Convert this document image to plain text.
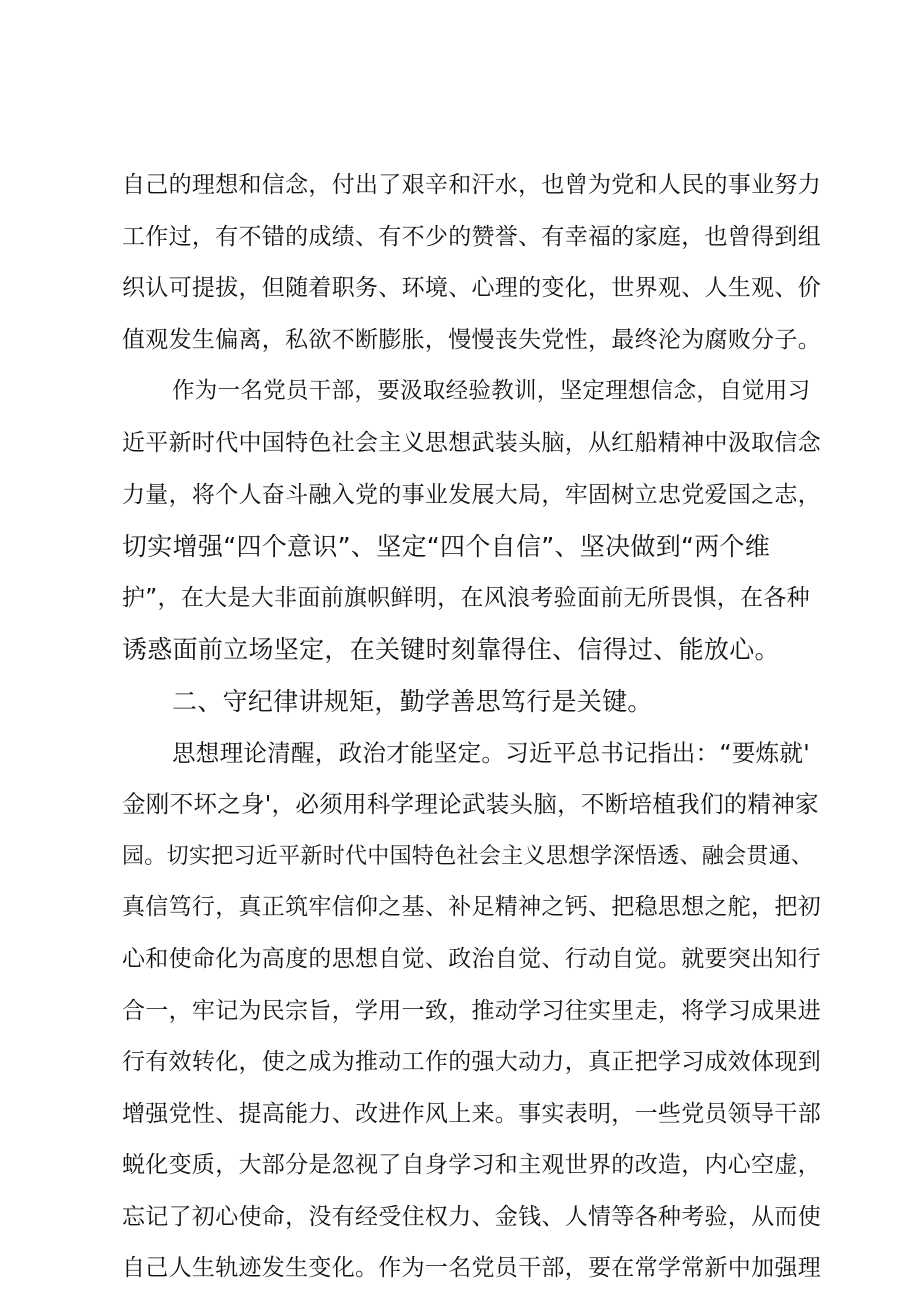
自己的理想和信念，付出了艰辛和汗水，也曾为党和人民的事业努力
工作过，有不错的成绩、有不少的赞誉、有幸福的家庭，也曾得到组
织认可提拔，但随着职务、环境、心理的变化，世界观、人生观、价
值观发生偏离，私欲不断膨胀，慢慢丧失党性，最终沦为腐败分子。
作为一名党员干部，要汲取经验教训，坚定理想信念，自觉用习
近平新时代中国特色社会主义思想武装头脑，从红船精神中汲取信念
力量，将个人奋斗融入党的事业发展大局，牢固树立忠党爱国之志，
切实增强“四个意识”、坚定“四个自信”、坚决做到“两个维
护”，在大是大非面前旗帜鲜明，在风浪考验面前无所畏惧，在各种
诱惑面前立场坚定，在关键时刻靠得住、信得过、能放心。
二、守纪律讲规矩，勤学善思笃行是关键。
思想理论清醒，政治才能坚定。习近平总书记指出：“要炼就'
金刚不坏之身'，必须用科学理论武装头脑，不断培植我们的精神家
园。切实把习近平新时代中国特色社会主义思想学深悟透、融会贯通、
真信笃行，真正筑牢信仰之基、补足精神之钙、把稳思想之舵，把初
心和使命化为高度的思想自觉、政治自觉、行动自觉。就要突出知行
合一，牢记为民宗旨，学用一致，推动学习往实里走，将学习成果进
行有效转化，使之成为推动工作的强大动力，真正把学习成效体现到
增强党性、提高能力、改进作风上来。事实表明，一些党员领导干部
蜕化变质，大部分是忽视了自身学习和主观世界的改造，内心空虚，
忘记了初心使命，没有经受住权力、金钱、人情等各种考验，从而使
自己人生轨迹发生变化。作为一名党员干部，要在常学常新中加强理
